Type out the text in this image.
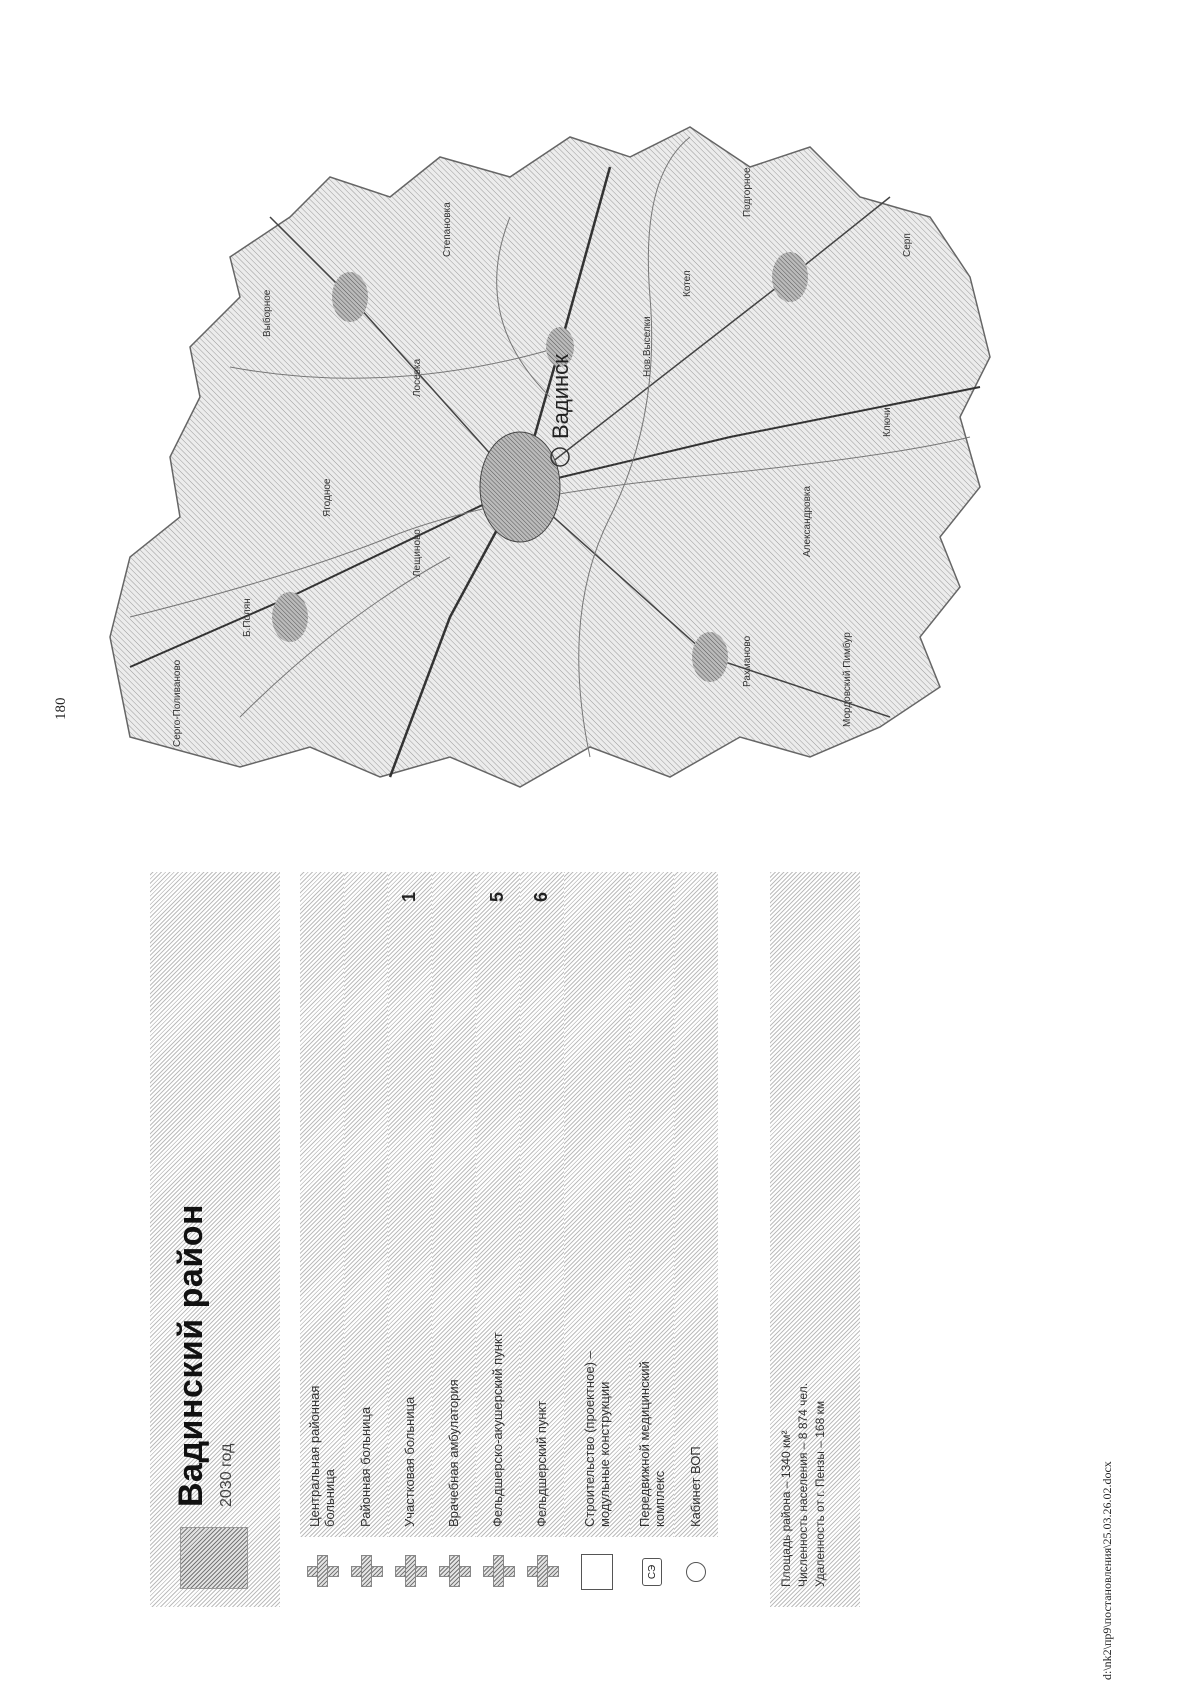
180
d:\nk2\пр9\постановления\25.03.26.02.docx
Вадинский район 2030 год	Центральная районная больница Районная больница Участковая больница
1
Врачебная амбулатория Фельдшерско-акушерский пункт
5
Фельдшерский пункт
6
Строительство (проектное) – модульные конструкции
СЭ
Передвижной медицинский комплекс Кабинет ВОП	Площадь района – 1340 км² Численность населения – 8 874 чел. Удаленность от г. Пензы – 168 км
Вадинск
Серго-Поливаново
Б.Полян
Котел
Рахманово	Мордовский Пимбур
Ягодное
Лещиново
Лосевка
Нов.Выселки
Степановка
Александровка
Ключи
Серп
Выборное
Подгорное
